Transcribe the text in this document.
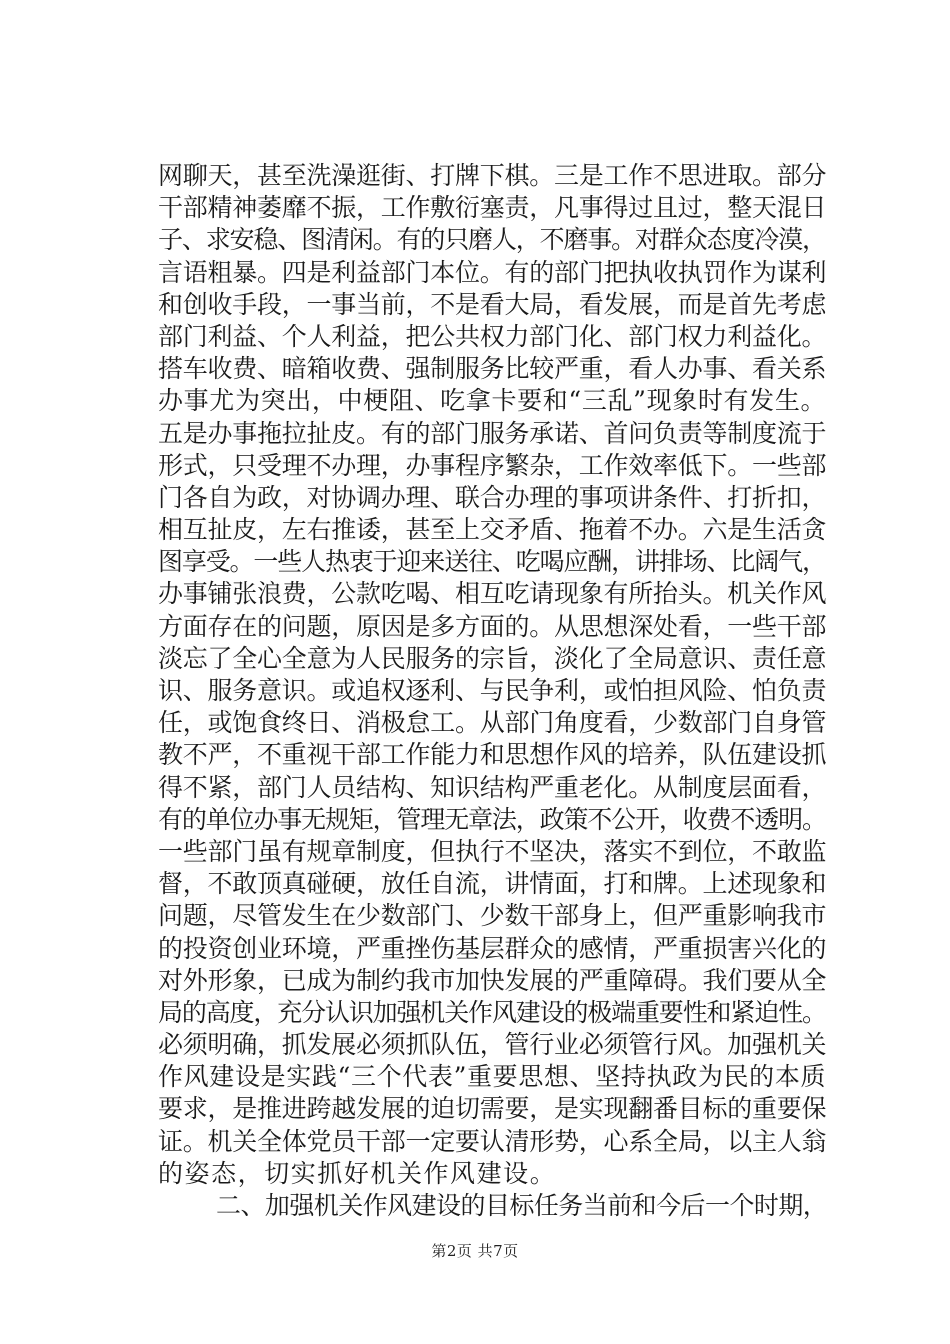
网聊天，甚至洗澡逛街、打牌下棋。三是工作不思进取。部分
干部精神萎靡不振，工作敷衍塞责，凡事得过且过，整天混日
子、求安稳、图清闲。有的只磨人，不磨事。对群众态度冷漠，
言语粗暴。四是利益部门本位。有的部门把执收执罚作为谋利
和创收手段，一事当前，不是看大局，看发展，而是首先考虑
部门利益、个人利益，把公共权力部门化、部门权力利益化。
搭车收费、暗箱收费、强制服务比较严重，看人办事、看关系
办事尤为突出，中梗阻、吃拿卡要和“三乱”现象时有发生。
五是办事拖拉扯皮。有的部门服务承诺、首问负责等制度流于
形式，只受理不办理，办事程序繁杂，工作效率低下。一些部
门各自为政，对协调办理、联合办理的事项讲条件、打折扣，
相互扯皮，左右推诿，甚至上交矛盾、拖着不办。六是生活贪
图享受。一些人热衷于迎来送往、吃喝应酬，讲排场、比阔气，
办事铺张浪费，公款吃喝、相互吃请现象有所抬头。机关作风
方面存在的问题，原因是多方面的。从思想深处看，一些干部
淡忘了全心全意为人民服务的宗旨，淡化了全局意识、责任意
识、服务意识。或追权逐利、与民争利，或怕担风险、怕负责
任，或饱食终日、消极怠工。从部门角度看，少数部门自身管
教不严，不重视干部工作能力和思想作风的培养，队伍建设抓
得不紧，部门人员结构、知识结构严重老化。从制度层面看，
有的单位办事无规矩，管理无章法，政策不公开，收费不透明。
一些部门虽有规章制度，但执行不坚决，落实不到位，不敢监
督，不敢顶真碰硬，放任自流，讲情面，打和牌。上述现象和
问题，尽管发生在少数部门、少数干部身上，但严重影响我市
的投资创业环境，严重挫伤基层群众的感情，严重损害兴化的
对外形象，已成为制约我市加快发展的严重障碍。我们要从全
局的高度，充分认识加强机关作风建设的极端重要性和紧迫性。
必须明确，抓发展必须抓队伍，管行业必须管行风。加强机关
作风建设是实践“三个代表”重要思想、坚持执政为民的本质
要求，是推进跨越发展的迫切需要，是实现翻番目标的重要保
证。机关全体党员干部一定要认清形势，心系全局，以主人翁
的姿态，切实抓好机关作风建设。
二、加强机关作风建设的目标任务当前和今后一个时期，
第2页 共7页
